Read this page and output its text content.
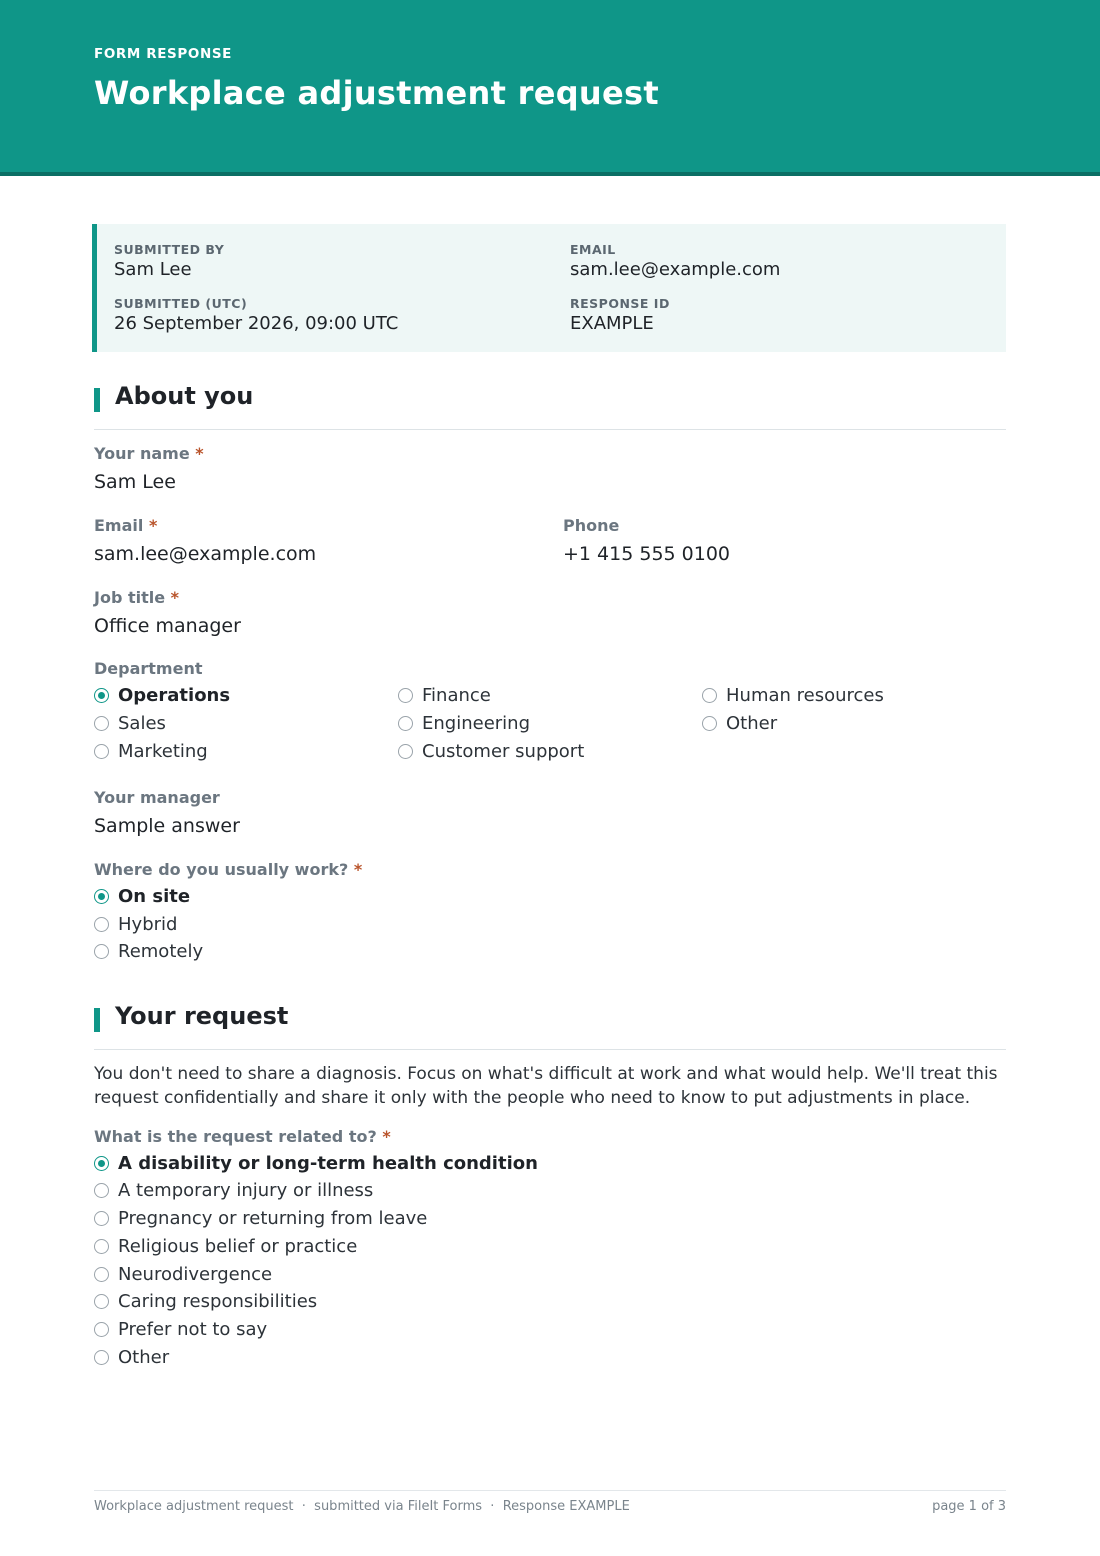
FORM RESPONSE

Workplace adjustment request
SUBMITTED BY
Sam Lee
EMAIL
sam.lee@example.com
SUBMITTED (UTC)
26 September 2026, 09:00 UTC
RESPONSE ID
EXAMPLE
About you
Your name *
Sam Lee
Email *
sam.lee@example.com
Phone
+1 415 555 0100
Job title *
Office manager
Department
Operations
Sales
Marketing
Finance
Engineering
Customer support
Human resources
Other
Your manager
Sample answer
Where do you usually work? *
On site
Hybrid
Remotely
Your request
You don't need to share a diagnosis. Focus on what's difficult at work and what would help. We'll treat this request confidentially and share it only with the people who need to know to put adjustments in place.
What is the request related to? *
A disability or long-term health condition
A temporary injury or illness
Pregnancy or returning from leave
Religious belief or practice
Neurodivergence
Caring responsibilities
Prefer not to say
Other
Workplace adjustment request  ·  submitted via FileIt Forms  ·  Response EXAMPLE	page 1 of 3
